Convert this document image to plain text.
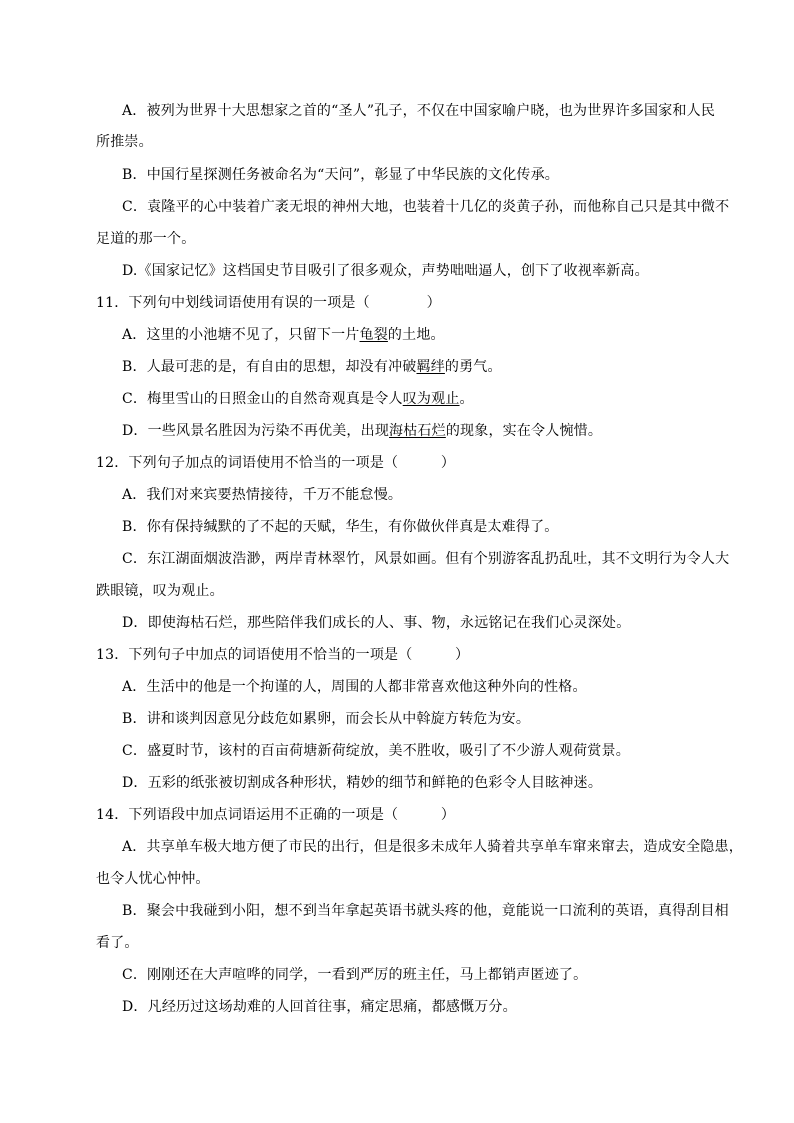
A．被列为世界十大思想家之首的“圣人”孔子，不仅在中国家喻户晓，也为世界许多国家和人民
所推崇。
B．中国行星探测任务被命名为“天问”，彰显了中华民族的文化传承。
C．袁隆平的心中装着广袤无垠的神州大地，也装着十几亿的炎黄子孙，而他称自己只是其中微不
足道的那一个。
D.《国家记忆》这档国史节目吸引了很多观众，声势咄咄逼人，创下了收视率新高。
11．下列句中划线词语使用有误的一项是（　　　　）
A．这里的小池塘不见了，只留下一片龟裂的土地。
B．人最可悲的是，有自由的思想，却没有冲破羁绊的勇气。
C．梅里雪山的日照金山的自然奇观真是令人叹为观止。
D．一些风景名胜因为污染不再优美，出现海枯石烂的现象，实在令人惋惜。
12．下列句子加点的词语使用不恰当的一项是（　　　）
A．我们对来宾要热情接待，千万不能怠慢。
B．你有保持缄默的了不起的天赋，华生，有你做伙伴真是太难得了。
C．东江湖面烟波浩渺，两岸青林翠竹，风景如画。但有个别游客乱扔乱吐，其不文明行为令人大
跌眼镜，叹为观止。
D．即使海枯石烂，那些陪伴我们成长的人、事、物，永远铭记在我们心灵深处。
13．下列句子中加点的词语使用不恰当的一项是（　　　）
A．生活中的他是一个拘谨的人，周围的人都非常喜欢他这种外向的性格。
B．讲和谈判因意见分歧危如累卵，而会长从中斡旋方转危为安。
C．盛夏时节，该村的百亩荷塘新荷绽放，美不胜收，吸引了不少游人观荷赏景。
D．五彩的纸张被切割成各种形状，精妙的细节和鲜艳的色彩令人目眩神迷。
14．下列语段中加点词语运用不正确的一项是（　　　）
A．共享单车极大地方便了市民的出行，但是很多未成年人骑着共享单车窜来窜去，造成安全隐患，
也令人忧心忡忡。
B．聚会中我碰到小阳，想不到当年拿起英语书就头疼的他，竟能说一口流利的英语，真得刮目相
看了。
C．刚刚还在大声喧哗的同学，一看到严厉的班主任，马上都销声匿迹了。
D．凡经历过这场劫难的人回首往事，痛定思痛，都感慨万分。
